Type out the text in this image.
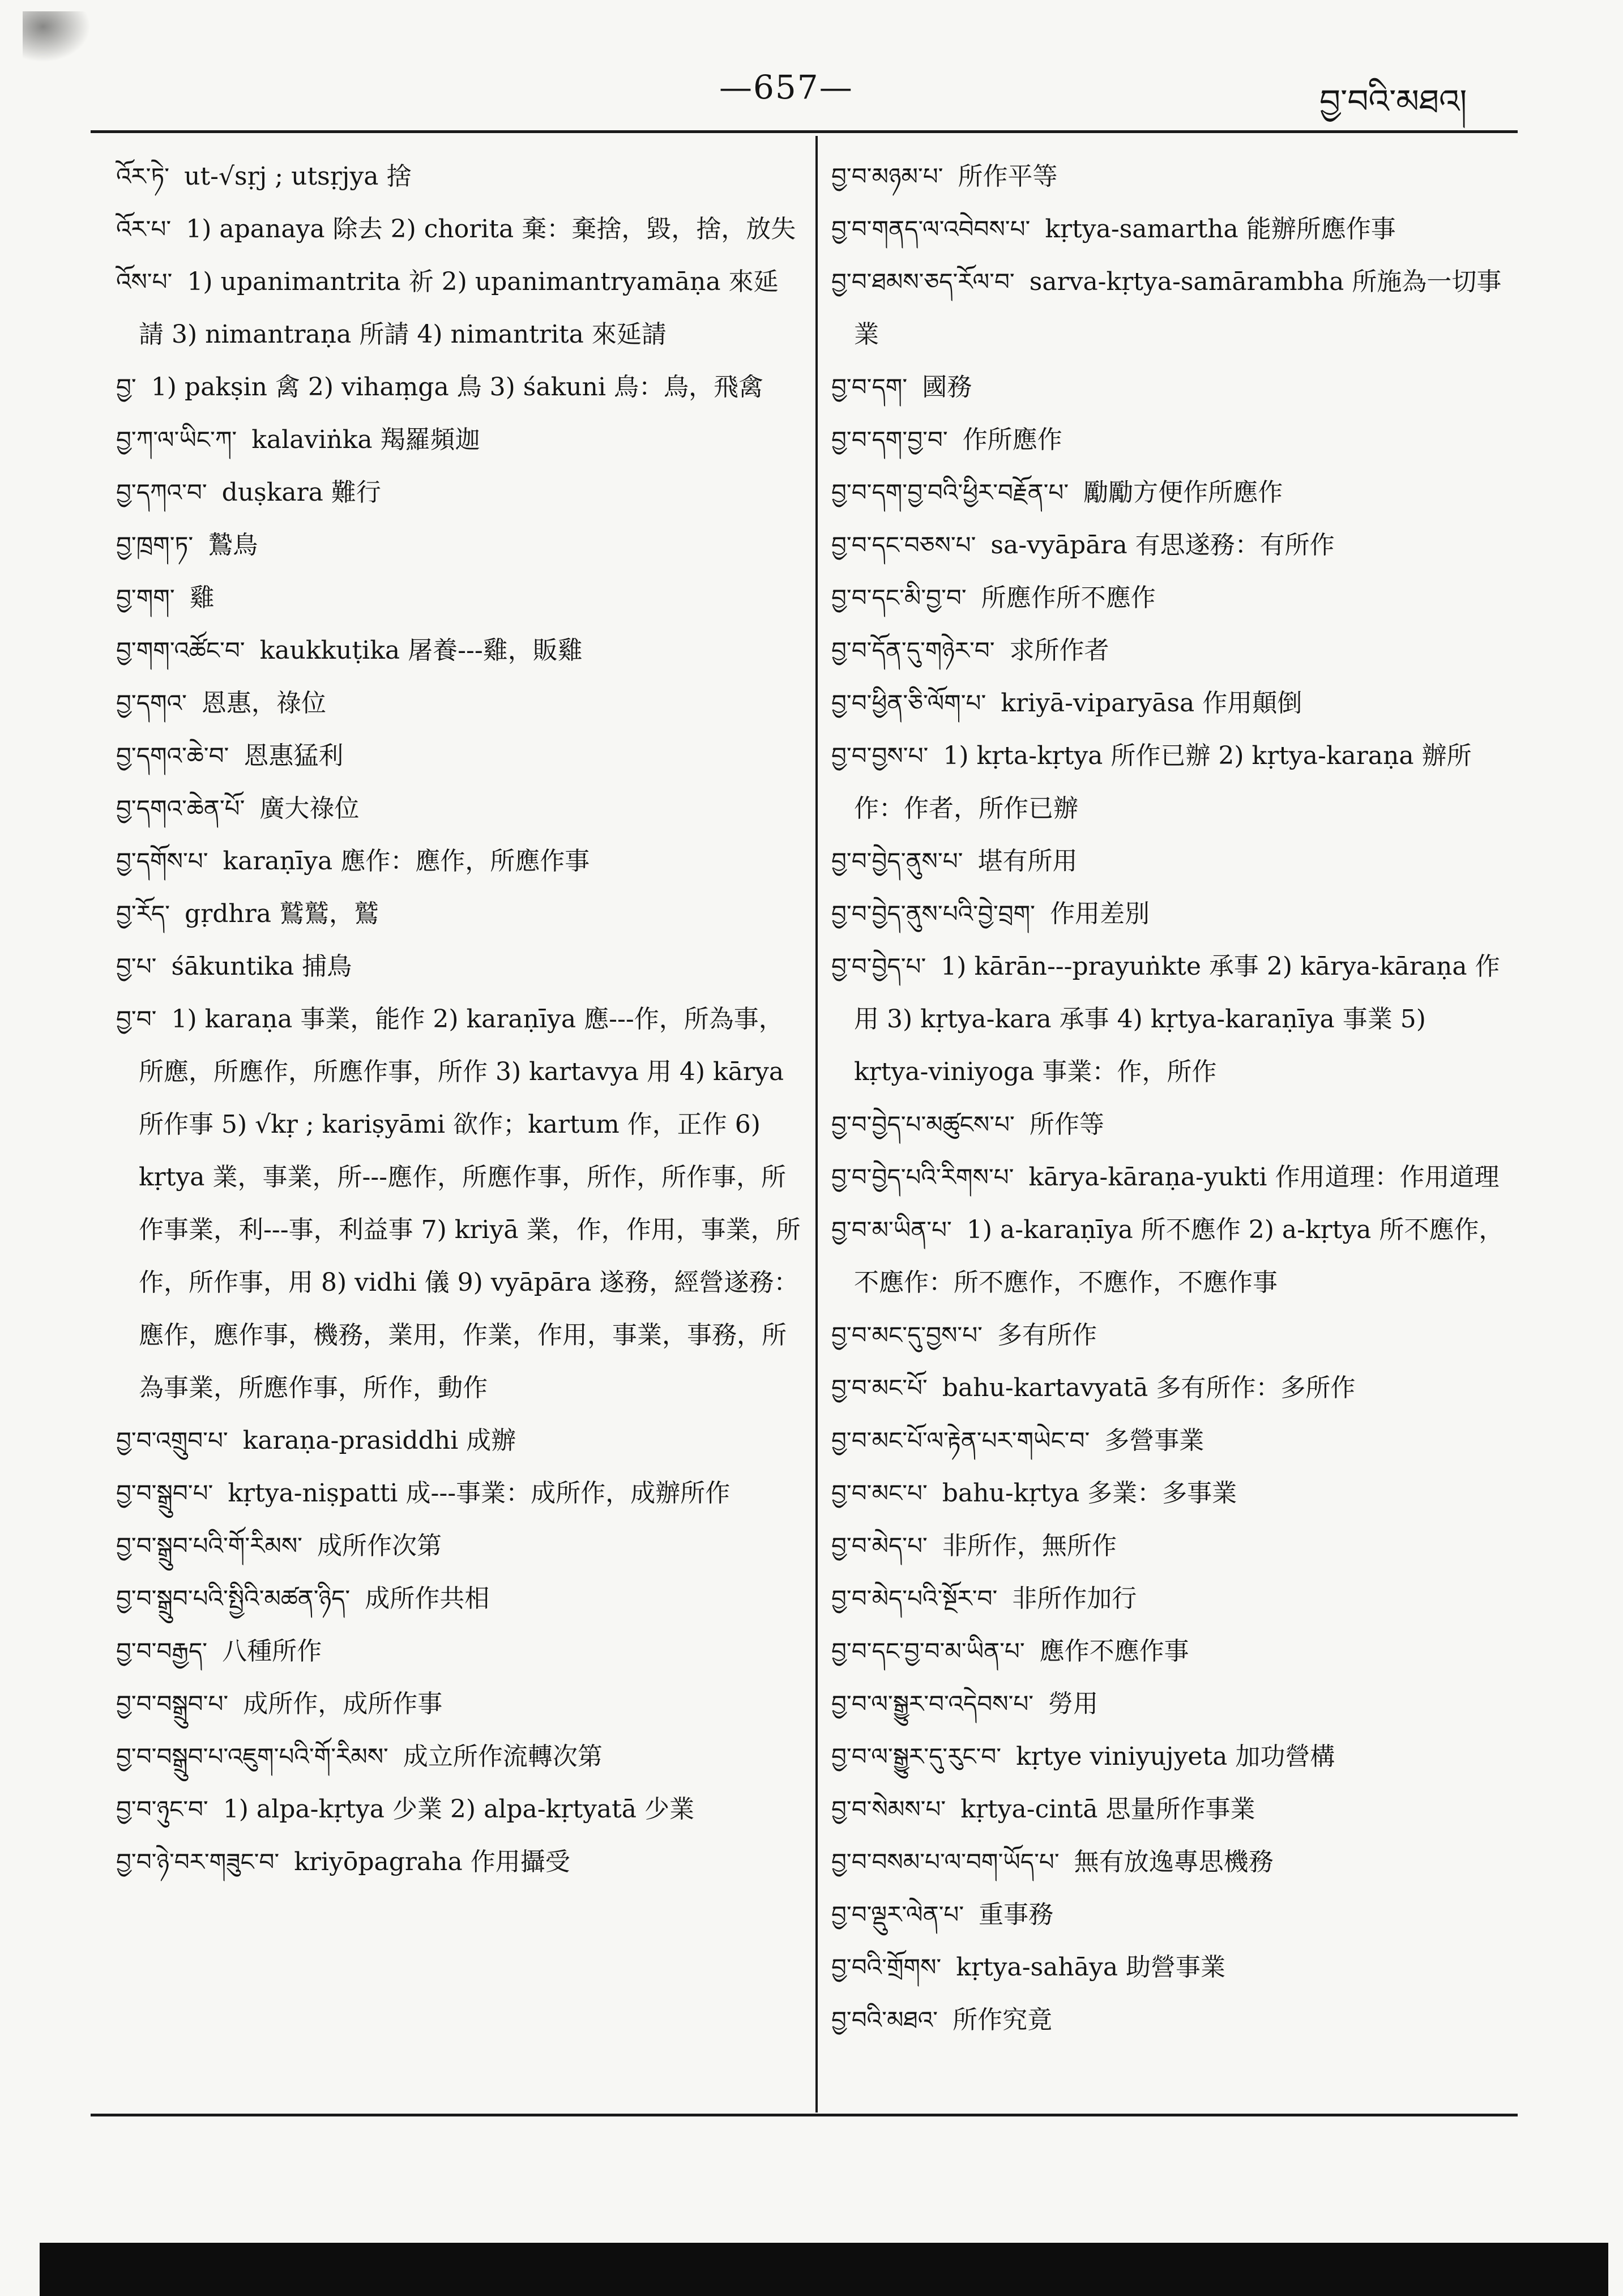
—657—	བྱ་བའི་མཐའ།

འོར་ཏེ་ ut-√sṛj ; utsṛjya 捨

འོར་པ་ 1) apanaya 除去 2) chorita 棄：棄捨，毀，捨，放失

འོས་པ་ 1) upanimantrita 祈 2) upanimantryamāṇa 來延請 3) nimantraṇa 所請 4) nimantrita 來延請

བྱ་ 1) pakṣin 禽 2) vihaṃga 鳥 3) śakuni 鳥：鳥，飛禽

བྱ་ཀ་ལ་ཡིང་ཀ་ kalaviṅka 羯羅頻迦

བྱ་དཀའ་བ་ duṣkara 難行

བྱ་ཁྲག་ཏ་ 鷙鳥

བྱ་གག་ 雞

བྱ་གག་འཚོང་བ་ kaukkuṭika 屠養---雞，販雞

བྱ་དགའ་ 恩惠，祿位

བྱ་དགའ་ཆེ་བ་ 恩惠猛利

བྱ་དགའ་ཆེན་པོ་ 廣大祿位

བྱ་དགོས་པ་ karaṇīya 應作：應作，所應作事

བྱ་རོད་ gṛdhra 鷲鷲，鷲

བྱ་པ་ śākuntika 捕鳥

བྱ་བ་ 1) karaṇa 事業，能作 2) karaṇīya 應---作，所為事，所應，所應作，所應作事，所作 3) kartavya 用 4) kārya 所作事 5) √kṛ ; kariṣyāmi 欲作；kartum 作，正作 6) kṛtya 業，事業，所---應作，所應作事，所作，所作事，所作事業，利---事，利益事 7) kriyā 業，作，作用，事業，所作，所作事，用 8) vidhi 儀 9) vyāpāra 遂務，經營遂務：應作，應作事，機務，業用，作業，作用，事業，事務，所為事業，所應作事，所作，動作

བྱ་བ་འགྲུབ་པ་ karaṇa-prasiddhi 成辦

བྱ་བ་སྒྲུབ་པ་ kṛtya-niṣpatti 成---事業：成所作，成辦所作

བྱ་བ་སྒྲུབ་པའི་གོ་རིམས་ 成所作次第

བྱ་བ་སྒྲུབ་པའི་སྤྱིའི་མཚན་ཉིད་ 成所作共相

བྱ་བ་བརྒྱད་ 八種所作

བྱ་བ་བསྒྲུབ་པ་ 成所作，成所作事

བྱ་བ་བསྒྲུབ་པ་འཇུག་པའི་གོ་རིམས་ 成立所作流轉次第

བྱ་བ་ཉུང་བ་ 1) alpa-kṛtya 少業 2) alpa-kṛtyatā 少業

བྱ་བ་ཉེ་བར་གཟུང་བ་ kriyōpagraha 作用攝受

བྱ་བ་མཉམ་པ་ 所作平等

བྱ་བ་གནད་ལ་འབེབས་པ་ kṛtya-samartha 能辦所應作事

བྱ་བ་ཐམས་ཅད་རོལ་བ་ sarva-kṛtya-samārambha 所施為一切事業

བྱ་བ་དག་ 國務

བྱ་བ་དག་བྱ་བ་ 作所應作

བྱ་བ་དག་བྱ་བའི་ཕྱིར་བརྗོན་པ་ 勵勵方便作所應作

བྱ་བ་དང་བཅས་པ་ sa-vyāpāra 有思遂務：有所作

བྱ་བ་དང་མི་བྱ་བ་ 所應作所不應作

བྱ་བ་དོན་དུ་གཉེར་བ་ 求所作者

བྱ་བ་ཕྱིན་ཅི་ལོག་པ་ kriyā-viparyāsa 作用顛倒

བྱ་བ་བྱས་པ་ 1) kṛta-kṛtya 所作已辦 2) kṛtya-karaṇa 辦所作：作者，所作已辦

བྱ་བ་བྱེད་ནུས་པ་ 堪有所用

བྱ་བ་བྱེད་ནུས་པའི་བྱེ་བྲག་ 作用差別

བྱ་བ་བྱེད་པ་ 1) kārān---prayuṅkte 承事 2) kārya-kāraṇa 作用 3) kṛtya-kara 承事 4) kṛtya-karaṇīya 事業 5) kṛtya-viniyoga 事業：作，所作

བྱ་བ་བྱེད་པ་མཚུངས་པ་ 所作等

བྱ་བ་བྱེད་པའི་རིགས་པ་ kārya-kāraṇa-yukti 作用道理：作用道理

བྱ་བ་མ་ཡིན་པ་ 1) a-karaṇīya 所不應作 2) a-kṛtya 所不應作，不應作：所不應作，不應作，不應作事

བྱ་བ་མང་དུ་བྱས་པ་ 多有所作

བྱ་བ་མང་པོ་ bahu-kartavyatā 多有所作：多所作

བྱ་བ་མང་པོ་ལ་རྟེན་པར་གཡེང་བ་ 多營事業

བྱ་བ་མང་པ་ bahu-kṛtya 多業：多事業

བྱ་བ་མེད་པ་ 非所作，無所作

བྱ་བ་མེད་པའི་སྔོར་བ་ 非所作加行

བྱ་བ་དང་བྱ་བ་མ་ཡིན་པ་ 應作不應作事

བྱ་བ་ལ་སྒྱུར་བ་འདེབས་པ་ 勞用

བྱ་བ་ལ་སྒྱུར་དུ་རུང་བ་ kṛtye viniyujyeta 加功營構

བྱ་བ་སེམས་པ་ kṛtya-cintā 思量所作事業

བྱ་བ་བསམ་པ་ལ་བག་ཡོད་པ་ 無有放逸專思機務

བྱ་བ་ལྡུར་ལེན་པ་ 重事務

བྱ་བའི་གྲོགས་ kṛtya-sahāya 助營事業

བྱ་བའི་མཐའ་ 所作究竟
